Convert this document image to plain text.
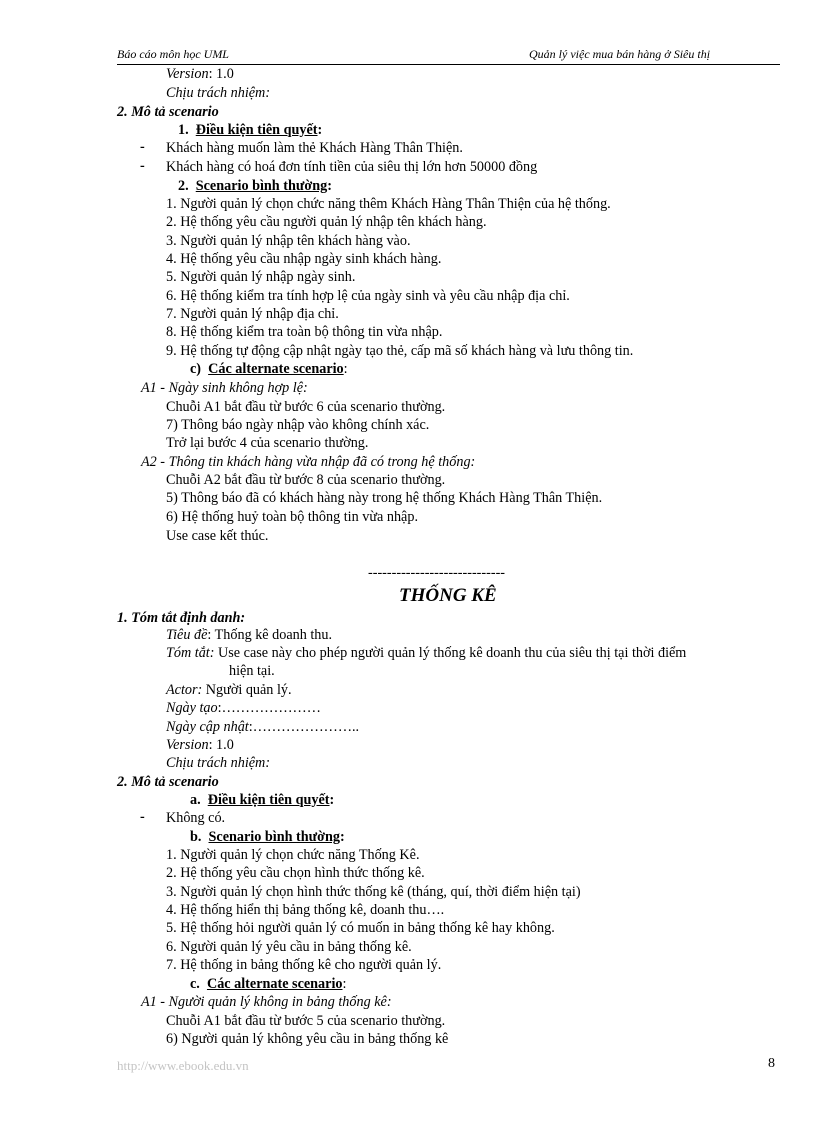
Báo cáo môn học UML	Quản lý việc mua bán hàng ở Siêu thị
Version: 1.0
Chịu trách nhiệm:
2. Mô tả scenario
1. Điều kiện tiên quyết:
- Khách hàng muốn làm thẻ Khách Hàng Thân Thiện.
- Khách hàng có hoá đơn tính tiền của siêu thị lớn hơn 50000 đồng
2. Scenario bình thường:
1. Người quản lý chọn chức năng thêm Khách Hàng Thân Thiện của hệ thống.
2. Hệ thống yêu cầu người quản lý nhập tên khách hàng.
3. Người quản lý nhập tên khách hàng vào.
4. Hệ thống yêu cầu nhập ngày sinh khách hàng.
5. Người quản lý nhập ngày sinh.
6. Hệ thống kiểm tra tính hợp lệ của ngày sinh và yêu cầu nhập địa chỉ.
7. Người quản lý nhập địa chỉ.
8. Hệ thống kiểm tra toàn bộ thông tin vừa nhập.
9. Hệ thống tự động cập nhật ngày tạo thẻ, cấp mã số khách hàng và lưu thông tin.
c) Các alternate scenario:
A1 - Ngày sinh không hợp lệ:
Chuỗi A1 bắt đầu từ bước 6 của scenario thường.
7) Thông báo ngày nhập vào không chính xác.
Trở lại bước 4 của scenario thường.
A2 - Thông tin khách hàng vừa nhập đã có trong hệ thống:
Chuỗi A2 bắt đầu từ bước 8 của scenario thường.
5) Thông báo đã có khách hàng này trong hệ thống Khách Hàng Thân Thiện.
6) Hệ thống huỷ toàn bộ thông tin vừa nhập.
Use case kết thúc.
-----------------------------
THỐNG KÊ
1. Tóm tắt định danh:
Tiêu đề: Thống kê doanh thu.
Tóm tắt: Use case này cho phép người quản lý thống kê doanh thu của siêu thị tại thời điểm
hiện tại.
Actor: Người quản lý.
Ngày tạo:…………………
Ngày cập nhật:…………………..
Version: 1.0
Chịu trách nhiệm:
2. Mô tả scenario
a. Điều kiện tiên quyết:
- Không có.
b. Scenario bình thường:
1. Người quản lý chọn chức năng Thống Kê.
2. Hệ thống yêu cầu chọn hình thức thống kê.
3. Người quản lý chọn hình thức thống kê (tháng, quí, thời điểm hiện tại)
4. Hệ thống hiển thị bảng thống kê, doanh thu….
5. Hệ thống hỏi người quản lý có muốn in bảng thống kê hay không.
6. Người quản lý yêu cầu in bảng thống kê.
7. Hệ thống in bảng thống kê cho người quản lý.
c. Các alternate scenario:
A1 - Người quản lý không in bảng thống kê:
Chuỗi A1 bắt đầu từ bước 5 của scenario thường.
6) Người quản lý không yêu cầu in bảng thống kê
http://www.ebook.edu.vn	8
